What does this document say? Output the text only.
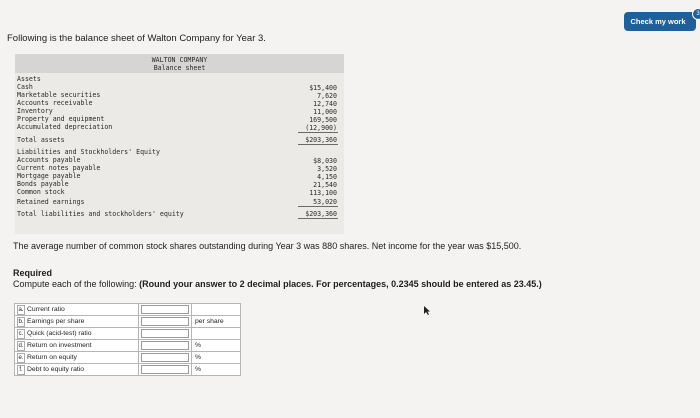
Check my work
3
Following is the balance sheet of Walton Company for Year 3.
WALTON COMPANY
Balance sheet
Assets
Cash	$15,400
Marketable securities	7,620
Accounts receivable	12,740
Inventory	11,000
Property and equipment	169,500
Accumulated depreciation	(12,900)
Total assets	$203,360
Liabilities and Stockholders' Equity
Accounts payable	$8,030
Current notes payable	3,520
Mortgage payable	4,150
Bonds payable	21,540
Common stock	113,100
Retained earnings	53,020
Total liabilities and stockholders' equity	$203,360
The average number of common stock shares outstanding during Year 3 was 880 shares. Net income for the year was $15,500.
Required
Compute each of the following: (Round your answer to 2 decimal places. For percentages, 0.2345 should be entered as 23.45.)
a. Current ratio	

b. Earnings per share		per share
c. Quick (acid-test) ratio	

d. Return on investment		%
e. Return on equity		%
f. Debt to equity ratio		%
